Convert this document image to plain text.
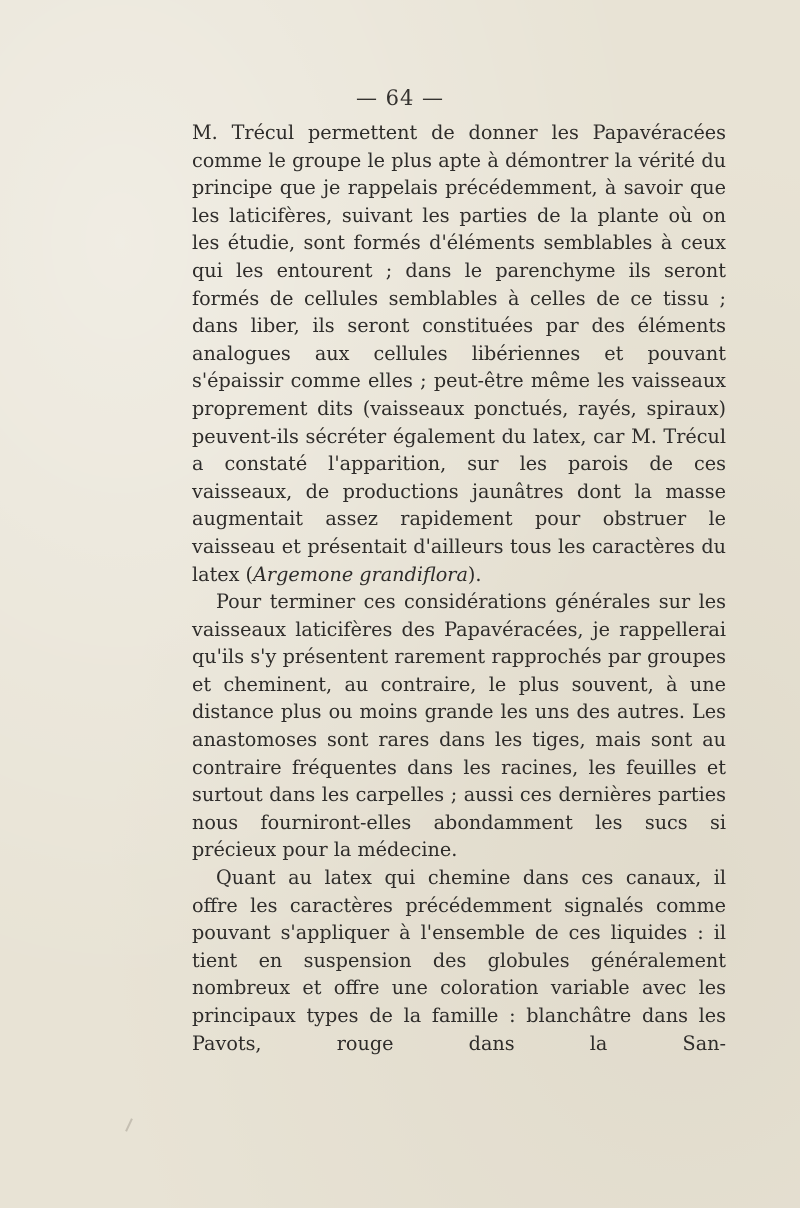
— 64 —

M. Trécul permettent de donner les Papavéracées comme le groupe le plus apte à démontrer la vérité du principe que je rappelais précédemment, à savoir que les laticifères, suivant les parties de la plante où on les étudie, sont formés d'éléments semblables à ceux qui les entourent ; dans le parenchyme ils seront formés de cellules semblables à celles de ce tissu ; dans liber, ils seront constituées par des éléments analogues aux cellules libériennes et pouvant s'épaissir comme elles ; peut-être même les vaisseaux proprement dits (vaisseaux ponctués, rayés, spiraux) peuvent-ils sécréter également du latex, car M. Trécul a constaté l'apparition, sur les parois de ces vaisseaux, de productions jaunâtres dont la masse augmentait assez rapidement pour obstruer le vaisseau et présentait d'ailleurs tous les caractères du latex (Argemone grandiflora).

Pour terminer ces considérations générales sur les vaisseaux laticifères des Papavéracées, je rappellerai qu'ils s'y présentent rarement rapprochés par groupes et cheminent, au contraire, le plus souvent, à une distance plus ou moins grande les uns des autres. Les anastomoses sont rares dans les tiges, mais sont au contraire fréquentes dans les racines, les feuilles et surtout dans les carpelles ; aussi ces dernières parties nous fourniront-elles abondamment les sucs si précieux pour la médecine.

Quant au latex qui chemine dans ces canaux, il offre les caractères précédemment signalés comme pouvant s'appliquer à l'ensemble de ces liquides : il tient en suspension des globules généralement nombreux et offre une coloration variable avec les principaux types de la famille : blanchâtre dans les Pavots, rouge dans la San-
